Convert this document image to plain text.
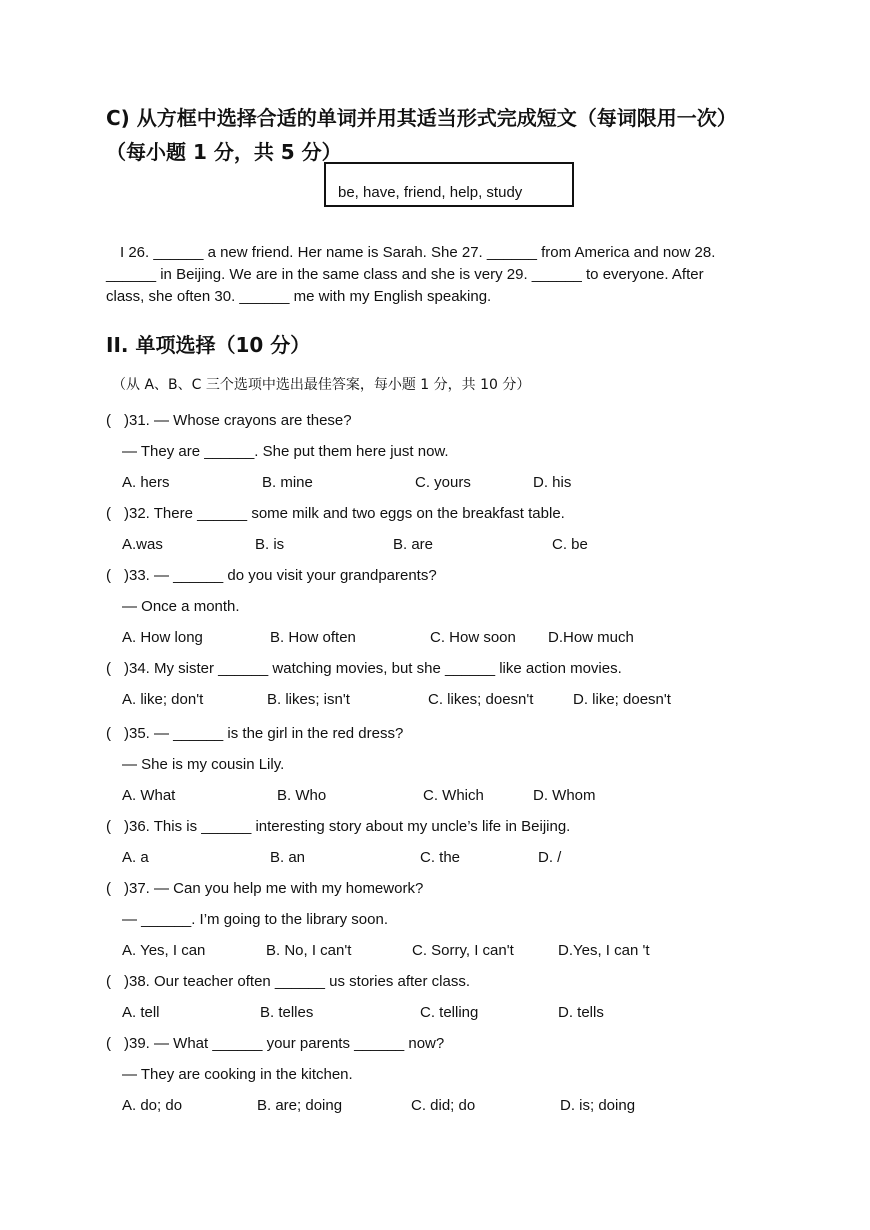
C) 从方框中选择合适的单词并用其适当形式完成短文（每词限用一次）
（每小题 1 分，共 5 分）
be, have, friend, help, study
I 26. ______ a new friend. Her name is Sarah. She 27. ______ from America and now 28.
______ in Beijing. We are in the same class and she is very 29. ______ to everyone. After
class, she often 30. ______ me with my English speaking.
II. 单项选择（10 分）
（从 A、B、C 三个选项中选出最佳答案，每小题 1 分，共 10 分）
( )31. — Whose crayons are these?
— They are ______. She put them here just now.
A. hers	B. mine	C. yours	D. his
( )32. There ______ some milk and two eggs on the breakfast table.
A.was	B. is	B. are	C. be
( )33. — ______ do you visit your grandparents?
— Once a month.
A. How long	B. How often	C. How soon D.How much
( )34. My sister ______ watching movies, but she ______ like action movies.
A. like; don't	B. likes; isn't	C. likes; doesn't	D. like; doesn't
( )35. — ______ is the girl in the red dress?
— She is my cousin Lily.
A. What	B. Who	C. Which	D. Whom
( )36. This is ______ interesting story about my uncle’s life in Beijing.
A. a	B. an	C. the	D. /
( )37. — Can you help me with my homework?
— ______. I’m going to the library soon.
A. Yes, I can	B. No, I can't	C. Sorry, I can't	D.Yes, I can 't
( )38. Our teacher often ______ us stories after class.
A. tell	B. telles	C. telling	D. tells
( )39. — What ______ your parents ______ now?
— They are cooking in the kitchen.
A. do; do	B. are; doing	C. did; do	D. is; doing
